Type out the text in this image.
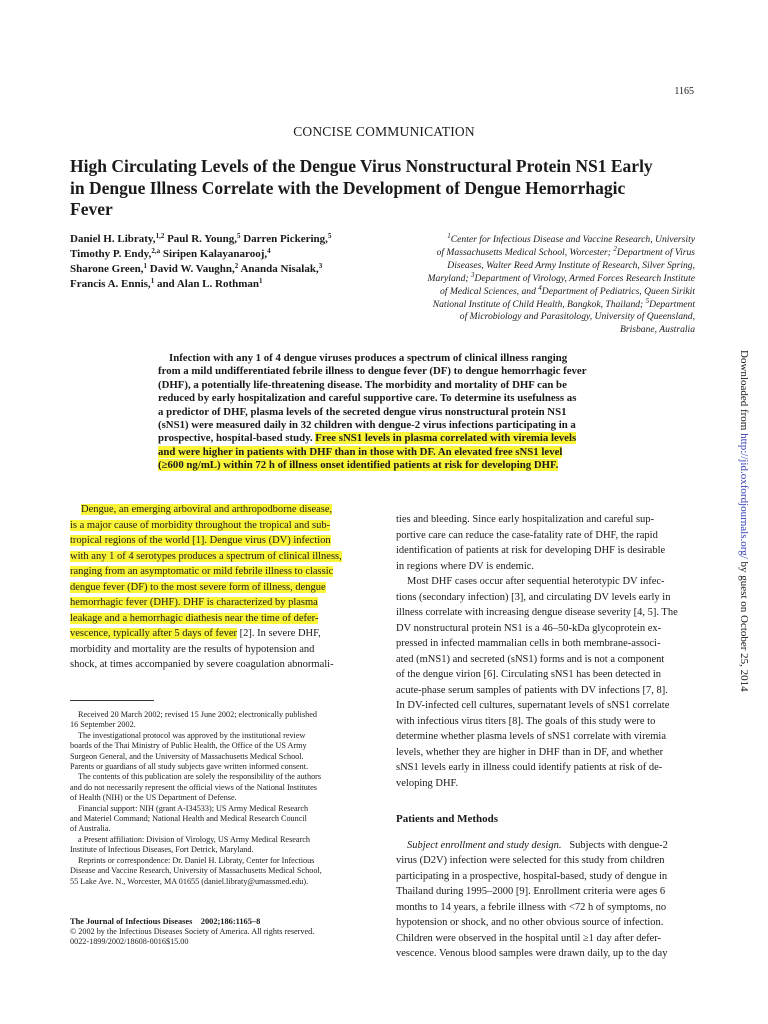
1165
CONCISE COMMUNICATION
High Circulating Levels of the Dengue Virus Nonstructural Protein NS1 Early in Dengue Illness Correlate with the Development of Dengue Hemorrhagic Fever
Daniel H. Libraty,$^{1,2}$ Paul R. Young,$^5$ Darren Pickering,$^5$
Timothy P. Endy,$^{2,a}$ Siripen Kalayanarooj,$^4$
Sharone Green,$^1$ David W. Vaughn,$^2$ Ananda Nisalak,$^3$
Francis A. Ennis,$^1$ and Alan L. Rothman$^1$
$^1$Center for Infectious Disease and Vaccine Research, University
of Massachusetts Medical School, Worcester; $^2$Department of Virus
Diseases, Walter Reed Army Institute of Research, Silver Spring,
Maryland; $^3$Department of Virology, Armed Forces Research Institute
of Medical Sciences, and $^4$Department of Pediatrics, Queen Sirikit
National Institute of Child Health, Bangkok, Thailand; $^5$Department
of Microbiology and Parasitology, University of Queensland,
Brisbane, Australia
Infection with any 1 of 4 dengue viruses produces a spectrum of clinical illness ranging
from a mild undifferentiated febrile illness to dengue fever (DF) to dengue hemorrhagic fever
(DHF), a potentially life-threatening disease. The morbidity and mortality of DHF can be
reduced by early hospitalization and careful supportive care. To determine its usefulness as
a predictor of DHF, plasma levels of the secreted dengue virus nonstructural protein NS1
(sNS1) were measured daily in 32 children with dengue-2 virus infections participating in a
prospective, hospital-based study. Free sNS1 levels in plasma correlated with viremia levels
and were higher in patients with DHF than in those with DF. An elevated free sNS1 level
(≥600 ng/mL) within 72 h of illness onset identified patients at risk for developing DHF.
Dengue, an emerging arboviral and arthropodborne disease,
is a major cause of morbidity throughout the tropical and sub-
tropical regions of the world [1]. Dengue virus (DV) infection
with any 1 of 4 serotypes produces a spectrum of clinical illness,
ranging from an asymptomatic or mild febrile illness to classic
dengue fever (DF) to the most severe form of illness, dengue
hemorrhagic fever (DHF). DHF is characterized by plasma
leakage and a hemorrhagic diathesis near the time of defer-
vescence, typically after 5 days of fever [2]. In severe DHF,
morbidity and mortality are the results of hypotension and
shock, at times accompanied by severe coagulation abnormali-
Received 20 March 2002; revised 15 June 2002; electronically published
16 September 2002.
The investigational protocol was approved by the institutional review
boards of the Thai Ministry of Public Health, the Office of the US Army
Surgeon General, and the University of Massachusetts Medical School.
Parents or guardians of all study subjects gave written informed consent.
The contents of this publication are solely the responsibility of the authors
and do not necessarily represent the official views of the National Institutes
of Health (NIH) or the US Department of Defense.
Financial support: NIH (grant A-I34533); US Army Medical Research
and Materiel Command; National Health and Medical Research Council
of Australia.
a Present affiliation: Division of Virology, US Army Medical Research
Institute of Infectious Diseases, Fort Detrick, Maryland.
Reprints or correspondence: Dr. Daniel H. Libraty, Center for Infectious
Disease and Vaccine Research, University of Massachusetts Medical School,
55 Lake Ave. N., Worcester, MA 01655 (daniel.libraty@umassmed.edu).
The Journal of Infectious Diseases 2002;186:1165–8
© 2002 by the Infectious Diseases Society of America. All rights reserved.
0022-1899/2002/18608-0016$15.00
ties and bleeding. Since early hospitalization and careful sup-
portive care can reduce the case-fatality rate of DHF, the rapid
identification of patients at risk for developing DHF is desirable
in regions where DV is endemic.
Most DHF cases occur after sequential heterotypic DV infec-
tions (secondary infection) [3], and circulating DV levels early in
illness correlate with increasing dengue disease severity [4, 5]. The
DV nonstructural protein NS1 is a 46–50-kDa glycoprotein ex-
pressed in infected mammalian cells in both membrane-associ-
ated (mNS1) and secreted (sNS1) forms and is not a component
of the dengue virion [6]. Circulating sNS1 has been detected in
acute-phase serum samples of patients with DV infections [7, 8].
In DV-infected cell cultures, supernatant levels of sNS1 correlate
with infectious virus titers [8]. The goals of this study were to
determine whether plasma levels of sNS1 correlate with viremia
levels, whether they are higher in DHF than in DF, and whether
sNS1 levels early in illness could identify patients at risk of de-
veloping DHF.
Patients and Methods
Subject enrollment and study design. Subjects with dengue-2
virus (D2V) infection were selected for this study from children
participating in a prospective, hospital-based, study of dengue in
Thailand during 1995–2000 [9]. Enrollment criteria were ages 6
months to 14 years, a febrile illness with <72 h of symptoms, no
hypotension or shock, and no other obvious source of infection.
Children were observed in the hospital until ≥1 day after defer-
vescence. Venous blood samples were drawn daily, up to the day
Downloaded from http://jid.oxfordjournals.org/ by guest on October 25, 2014
